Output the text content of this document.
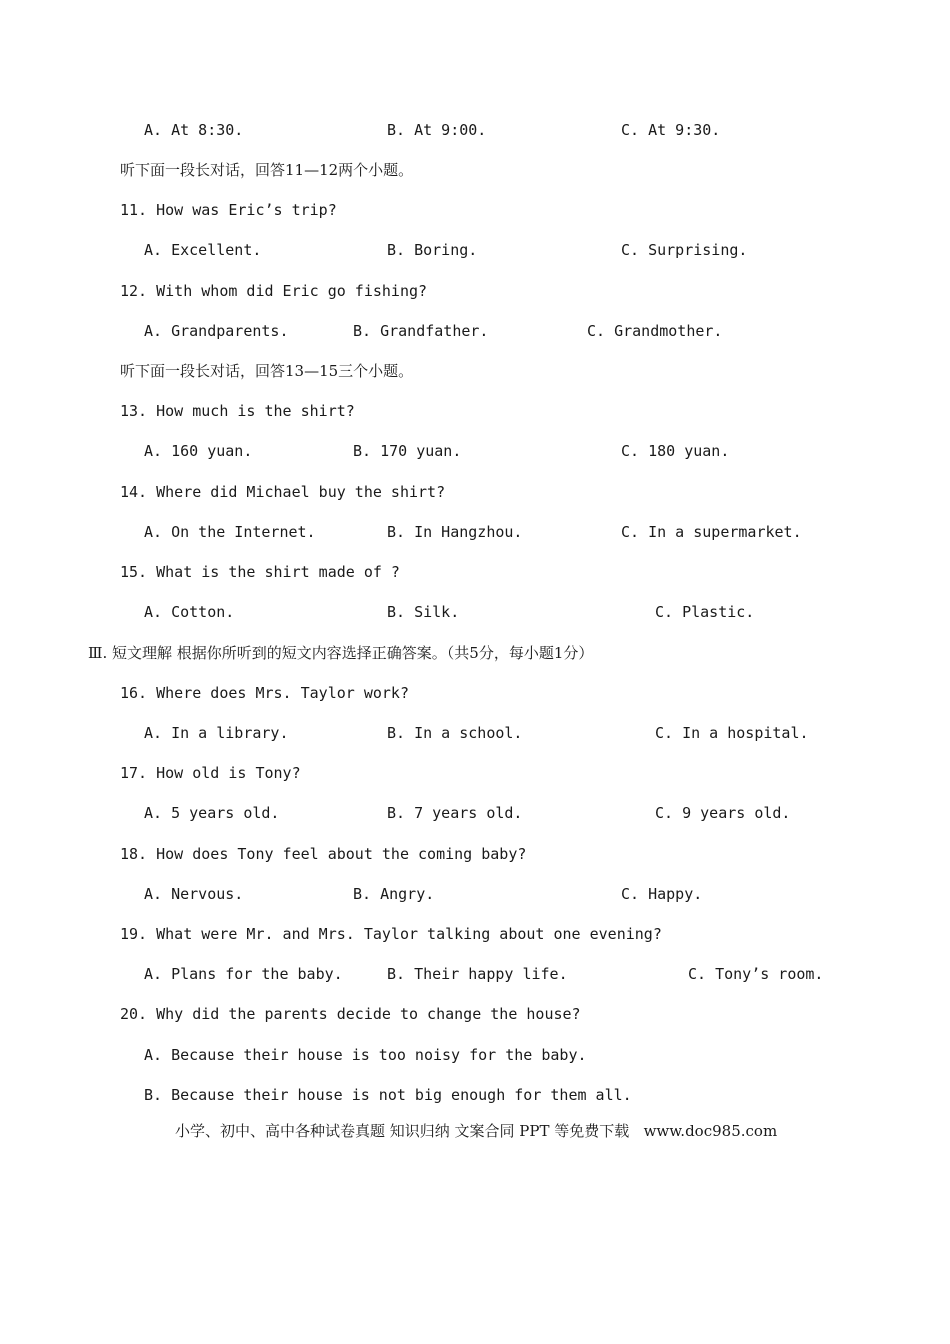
A. At 8:30.	B. At 9:00.	C. At 9:30.
听下面一段长对话，回答11—12两个小题。
11. How was Eric’s trip?
A. Excellent.	B. Boring.	C. Surprising.
12. With whom did Eric go fishing?
A. Grandparents.	B. Grandfather.	C. Grandmother.
听下面一段长对话，回答13—15三个小题。
13. How much is the shirt?
A. 160 yuan.	B. 170 yuan.	C. 180 yuan.
14. Where did Michael buy the shirt?
A. On the Internet.	B. In Hangzhou.	C. In a supermarket.
15. What is the shirt made of ?
A. Cotton.	B. Silk.	C. Plastic.
Ⅲ. 短文理解 根据你所听到的短文内容选择正确答案。（共5分，每小题1分）
16. Where does Mrs. Taylor work?
A. In a library.	B. In a school.	C. In a hospital.
17. How old is Tony?
A. 5 years old.	B. 7 years old.	C. 9 years old.
18. How does Tony feel about the coming baby?
A. Nervous.	B. Angry.	C. Happy.
19. What were Mr. and Mrs. Taylor talking about one evening?
A. Plans for the baby.	B. Their happy life.	C. Tony’s room.
20. Why did the parents decide to change the house?
A. Because their house is too noisy for the baby.
B. Because their house is not big enough for them all.
小学、初中、高中各种试卷真题 知识归纳 文案合同 PPT 等免费下载   www.doc985.com
